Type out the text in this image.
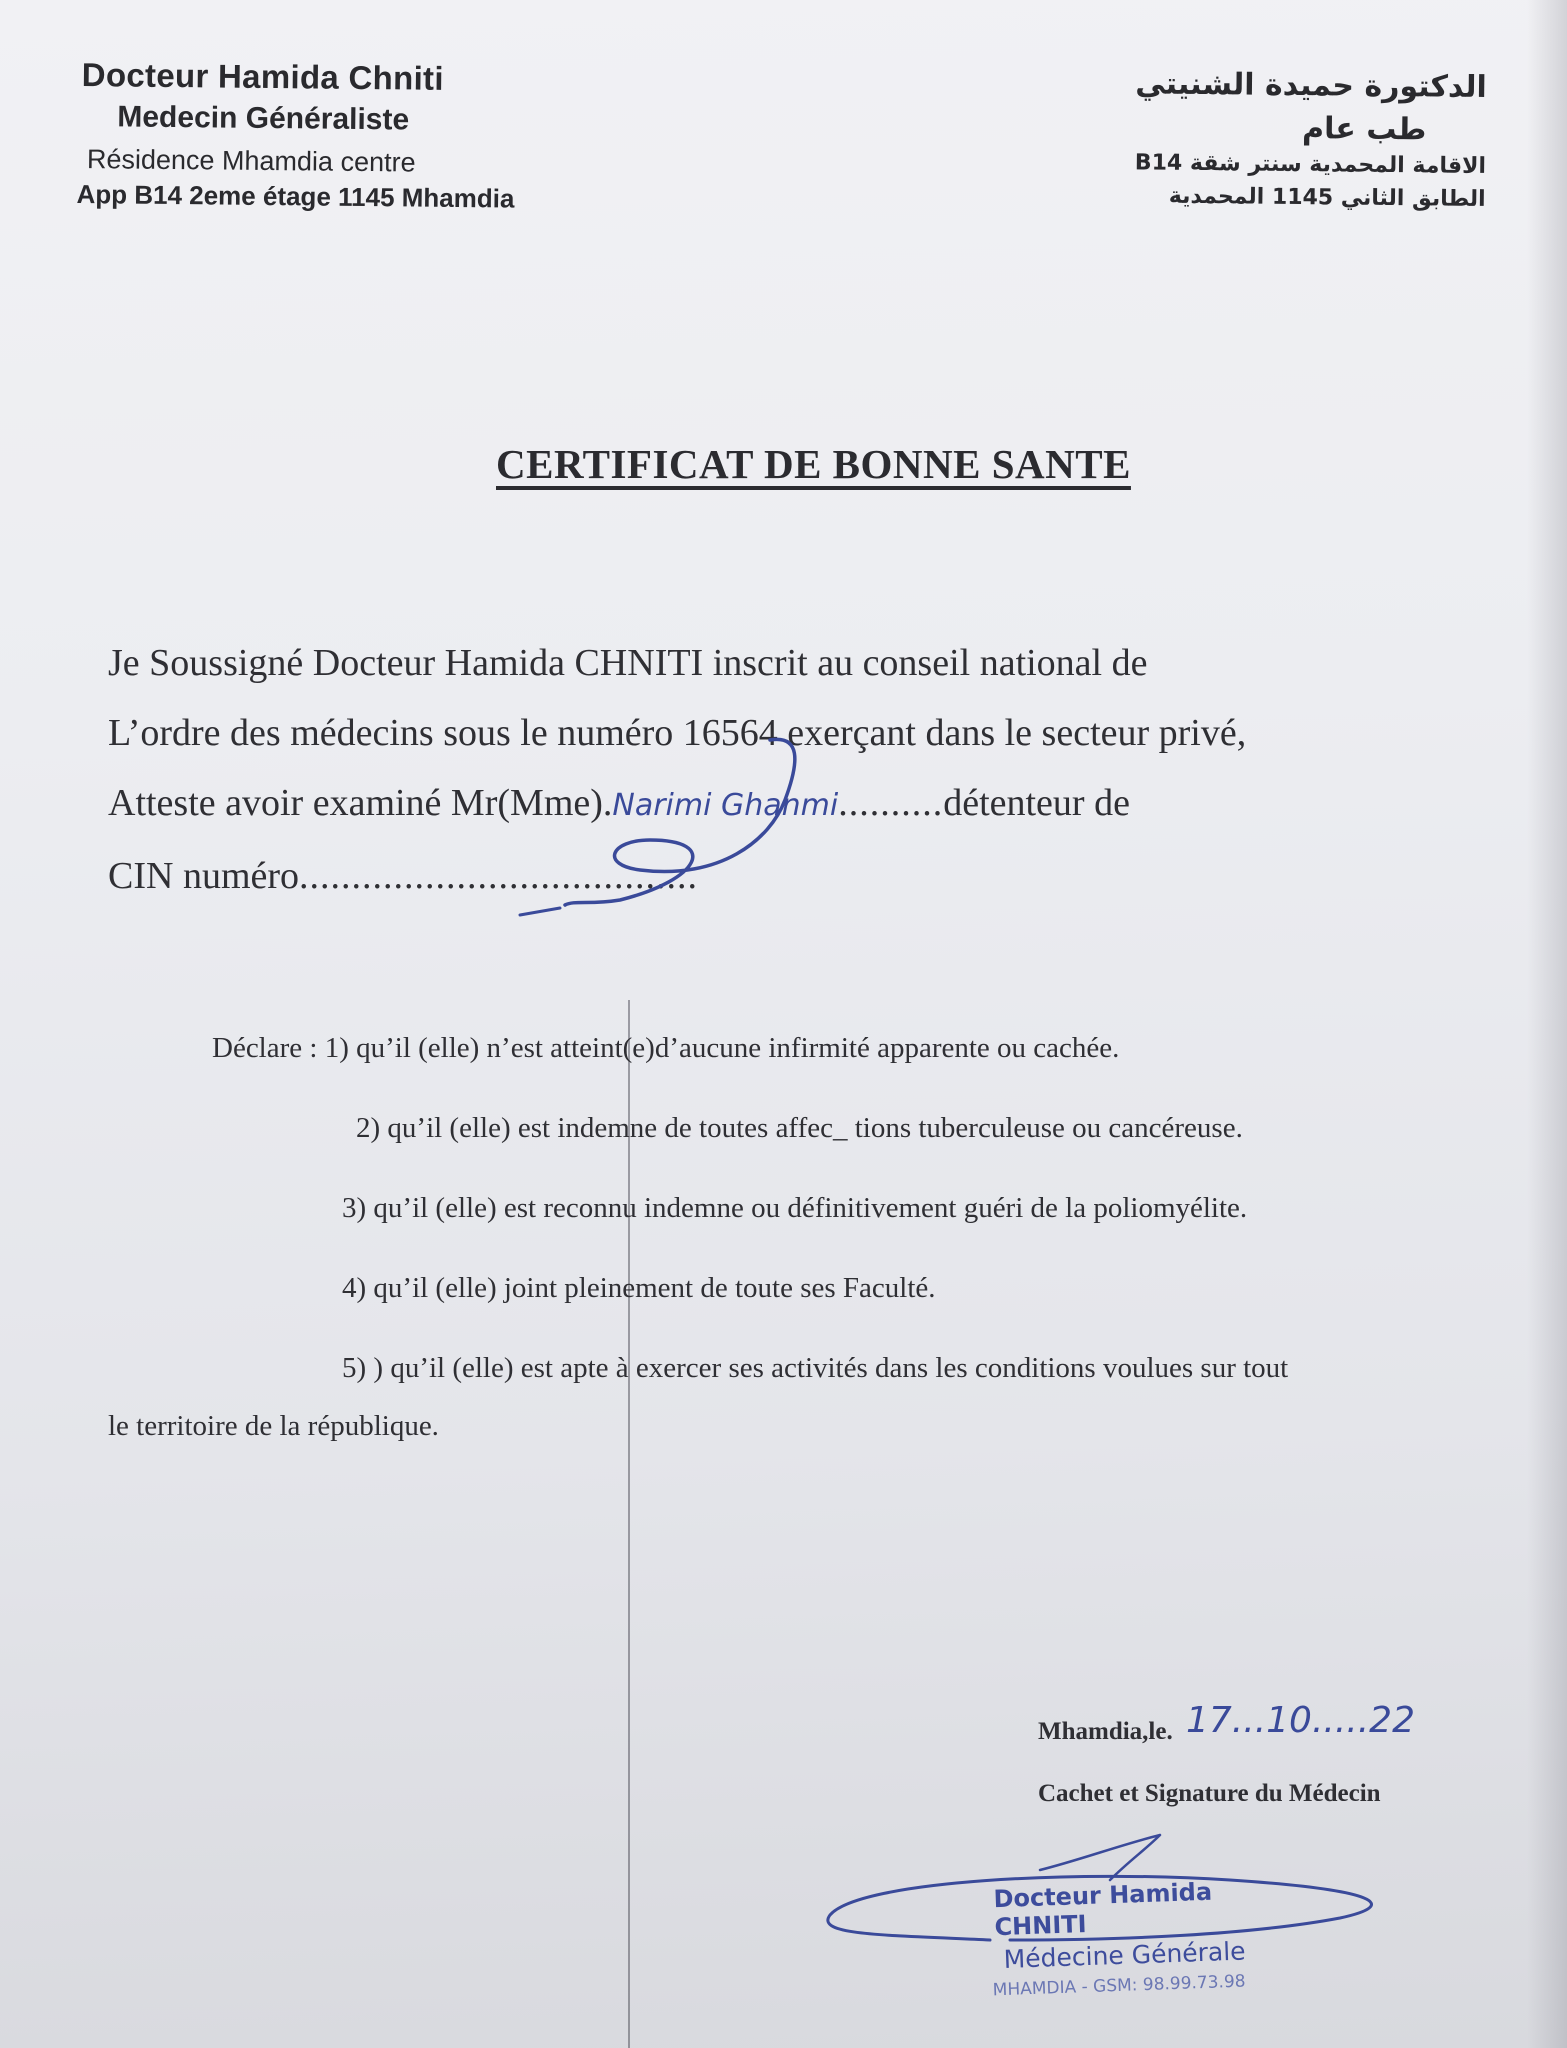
Docteur Hamida Chniti

Medecin Généraliste

Résidence Mhamdia centre

App B14 2eme étage 1145 Mhamdia

الدكتورة حميدة الشنيتي

طب عام

الاقامة المحمدية سنتر شقة B14

الطابق الثاني 1145 المحمدية

CERTIFICAT DE BONNE SANTE

Je Soussigné Docteur Hamida CHNITI inscrit au conseil national de

L’ordre des médecins sous le numéro 16564 exerçant dans le secteur privé,

Atteste avoir examiné Mr(Mme).Narimi Ghanmi..........détenteur de

CIN numéro......................................

Déclare : 1) qu’il (elle) n’est atteint(e)d’aucune infirmité apparente ou cachée.

2) qu’il (elle) est indemne de toutes affec_ tions tuberculeuse ou cancéreuse.

3) qu’il (elle) est reconnu indemne ou définitivement guéri de la poliomyélite.

4) qu’il (elle) joint pleinement de toute ses Faculté.

5) ) qu’il (elle) est apte à exercer ses activités dans les conditions voulues sur tout

le territoire de la république.

Mhamdia,le. 17...10.....22
Cachet et Signature du Médecin

Docteur Hamida CHNITI

Médecine Générale

MHAMDIA - GSM: 98.99.73.98
